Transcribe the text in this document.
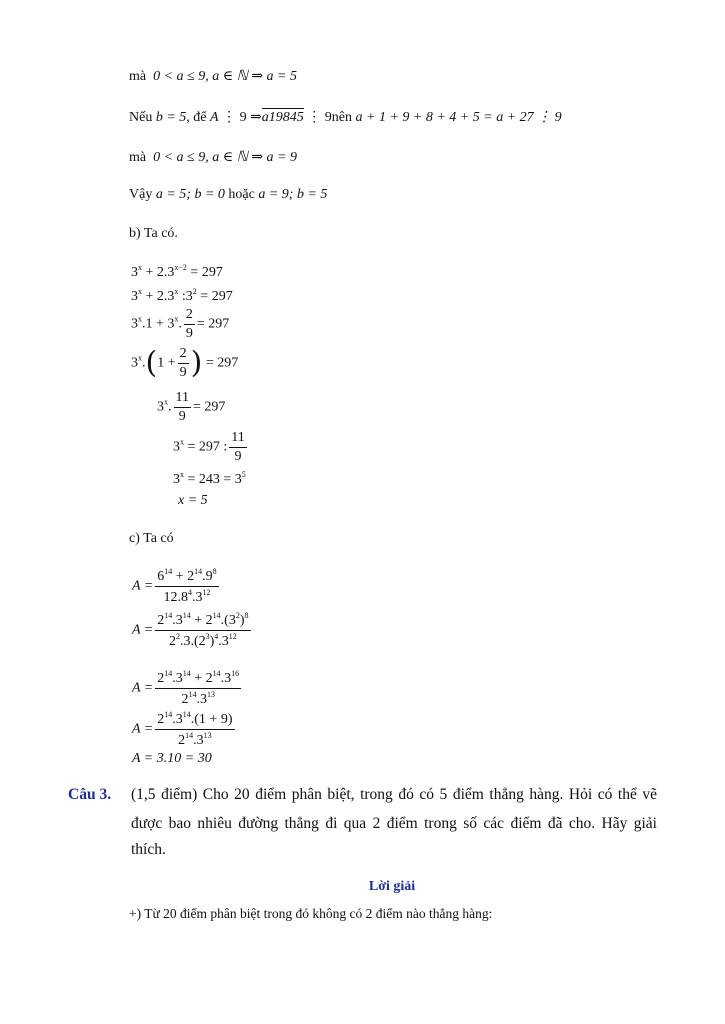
mà 0 < a ≤ 9, a ∈ ℕ ⇒ a = 5
Nếu b = 5, để A ⋮ 9 ⇒a19845 ⋮ 9nên a + 1 + 9 + 8 + 4 + 5 = a + 27 ⋮ 9
mà 0 < a ≤ 9, a ∈ ℕ ⇒ a = 9
Vậy a = 5; b = 0 hoặc a = 9; b = 5
b) Ta có.
$3^x + 2.3^{x-2} = 297$
$3^x + 2.3^x$ $:3^2 = 297$
$3^x.1 + 3^x$. $\frac{2}{9} = 297$
$3^x.(1 + \frac{2}{9}$ ) = 297
3$^x$. $\frac{11}{9} = 297$
$3^x = 297$ : $\frac{11}{9}$
$3^x = 243 = 3^5$
x = 5
c) Ta có
$A = \frac{6^{14} + 2^{14}.9^8}{12.8^4.3^{12}}$
$A = \frac{2^{14}.3^{14} + 2^{14}.(3^2)^8}{2^2.3.(2^3)^4.3^{12}}$
$A = \frac{2^{14}.3^{14} + 2^{14}.3^{16}}{2^{14}.3^{13}}$
$A = \frac{2^{14}.3^{14}.(1 + 9)}{2^{14}.3^{13}}$
A = 3.10 = 30
Câu 3. (1,5 điểm) Cho 20 điểm phân biệt, trong đó có 5 điểm thẳng hàng. Hỏi có thể vẽ
được bao nhiêu đường thẳng đi qua 2 điểm trong số các điểm đã cho. Hãy giải
thích.
Lời giải
+) Từ 20 điểm phân biệt trong đó không có 2 điểm nào thẳng hàng:
